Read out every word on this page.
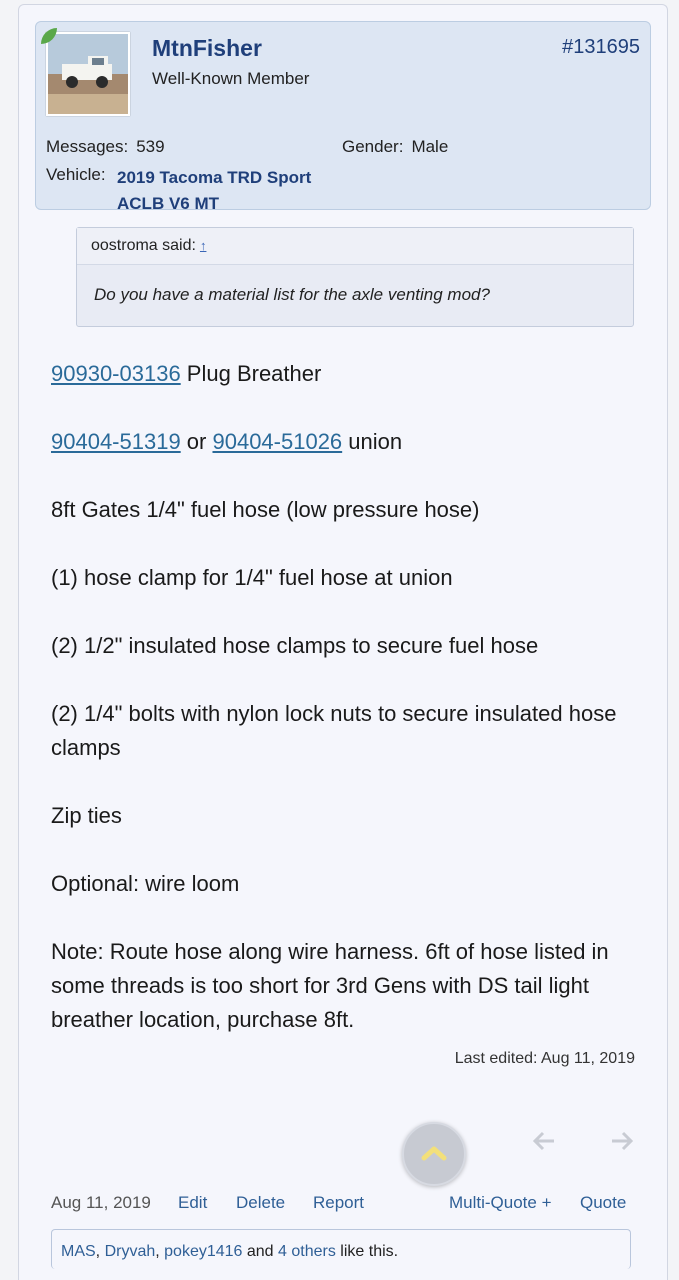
MtnFisher
Well-Known Member
#131695
Messages: 539	Gender: Male
Vehicle: 2019 Tacoma TRD Sport ACLB V6 MT
oostroma said: ↑
Do you have a material list for the axle venting mod?

90930-03136 Plug Breather

90404-51319 or 90404-51026 union

8ft Gates 1/4" fuel hose (low pressure hose)

(1) hose clamp for 1/4" fuel hose at union

(2) 1/2" insulated hose clamps to secure fuel hose

(2) 1/4" bolts with nylon lock nuts to secure insulated hose clamps

Zip ties

Optional: wire loom

Note: Route hose along wire harness. 6ft of hose listed in some threads is too short for 3rd Gens with DS tail light breather location, purchase 8ft.

Last edited: Aug 11, 2019
Aug 11, 2019 Edit Delete Report	Multi-Quote + Quote
MAS, Dryvah, pokey1416 and 4 others like this.
